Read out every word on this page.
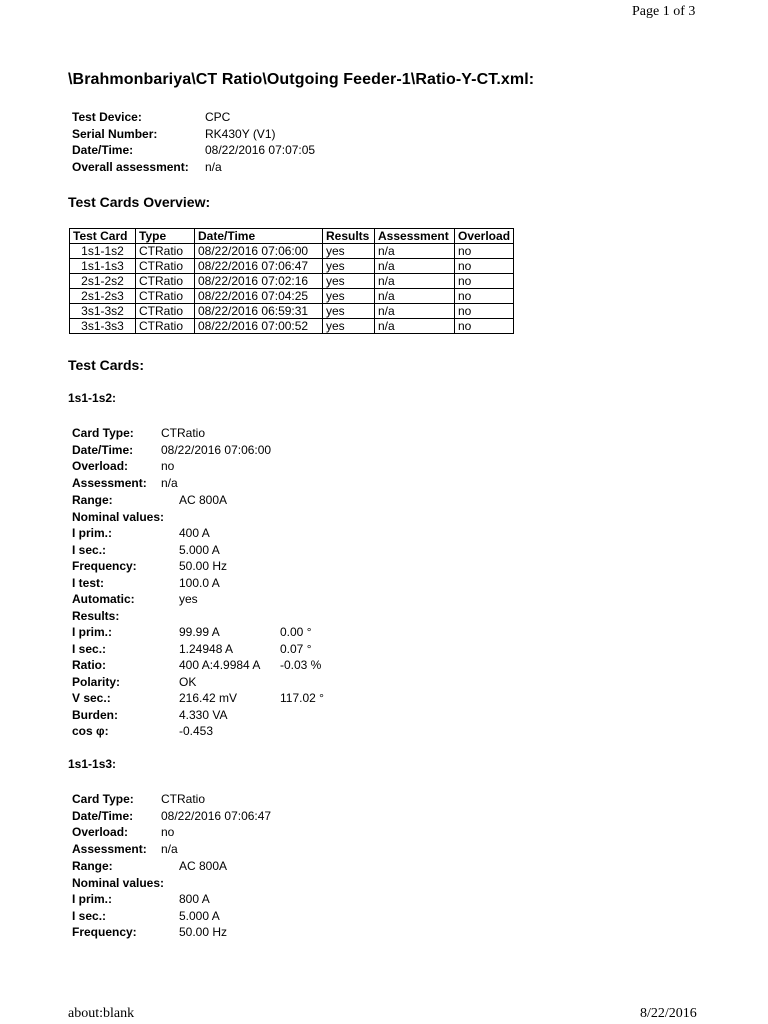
Page 1 of 3
\Brahmonbariya\CT Ratio\Outgoing Feeder-1\Ratio-Y-CT.xml:
Test Device:	CPC
Serial Number:	RK430Y (V1)
Date/Time:	08/22/2016 07:07:05
Overall assessment: n/a
Test Cards Overview:
Test Card	Type	Date/Time	Results	Assessment	Overload
1s1-1s2	CTRatio	08/22/2016 07:06:00	yes	n/a	no
1s1-1s3	CTRatio	08/22/2016 07:06:47	yes	n/a	no
2s1-2s2	CTRatio	08/22/2016 07:02:16	yes	n/a	no
2s1-2s3	CTRatio	08/22/2016 07:04:25	yes	n/a	no
3s1-3s2	CTRatio	08/22/2016 06:59:31	yes	n/a	no
3s1-3s3	CTRatio	08/22/2016 07:00:52	yes	n/a	no
Test Cards:
1s1-1s2:
Card Type: CTRatio
Date/Time: 08/22/2016 07:06:00
Overload:	no
Assessment: n/a
Range:	AC 800A
Nominal values:
I prim.:	400 A
I sec.:	5.000 A
Frequency:	50.00 Hz
I test:	100.0 A
Automatic:	yes
Results:
I prim.:	99.99 A	0.00 °
I sec.:	1.24948 A	0.07 °
Ratio:	400 A:4.9984 A -0.03 %
Polarity:	OK
V sec.:	216.42 mV	117.02 °
Burden:	4.330 VA
cos φ:	-0.453
1s1-1s3:
Card Type: CTRatio
Date/Time: 08/22/2016 07:06:47
Overload:	no
Assessment: n/a
Range:	AC 800A
Nominal values:
I prim.:	800 A
I sec.:	5.000 A
Frequency:	50.00 Hz
about:blank	8/22/2016
